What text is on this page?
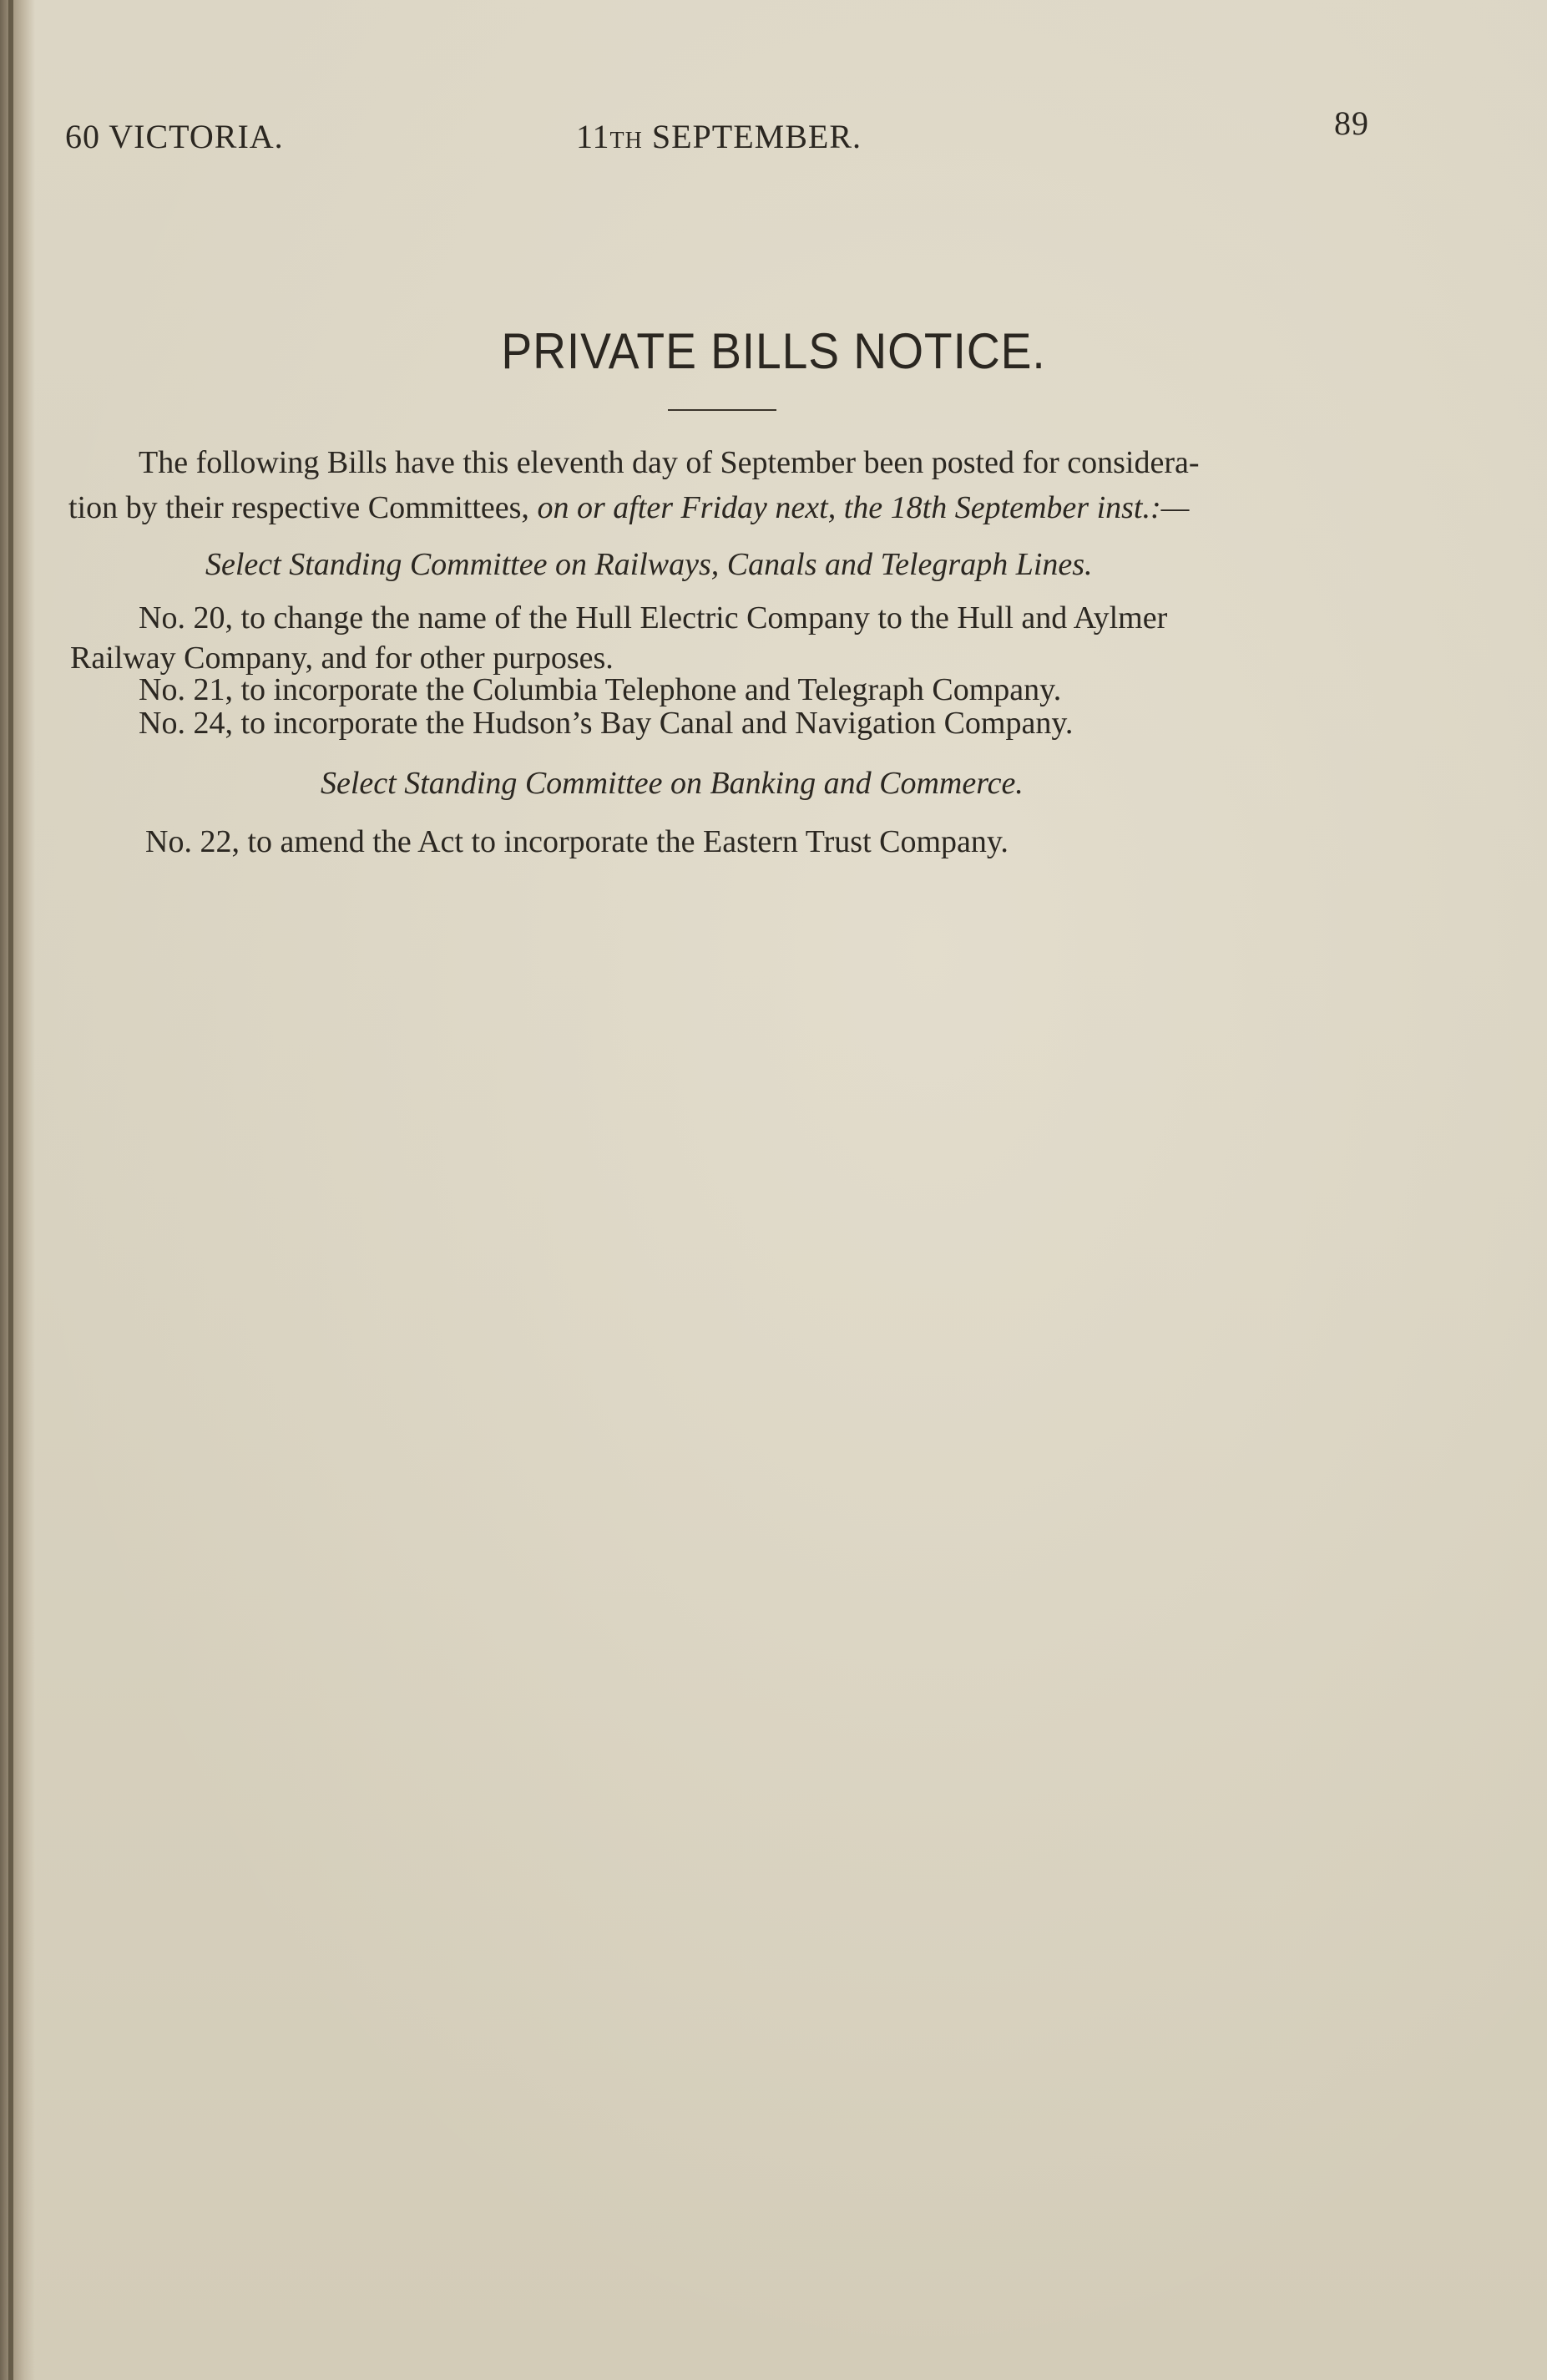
60 VICTORIA.	11TH SEPTEMBER.	89
PRIVATE BILLS NOTICE.
The following Bills have this eleventh day of September been posted for considera-
tion by their respective Committees, on or after Friday next, the 18th September inst.:—
Select Standing Committee on Railways, Canals and Telegraph Lines.
No. 20, to change the name of the Hull Electric Company to the Hull and Aylmer
Railway Company, and for other purposes.
No. 21, to incorporate the Columbia Telephone and Telegraph Company.
No. 24, to incorporate the Hudson’s Bay Canal and Navigation Company.
Select Standing Committee on Banking and Commerce.
No. 22, to amend the Act to incorporate the Eastern Trust Company.
